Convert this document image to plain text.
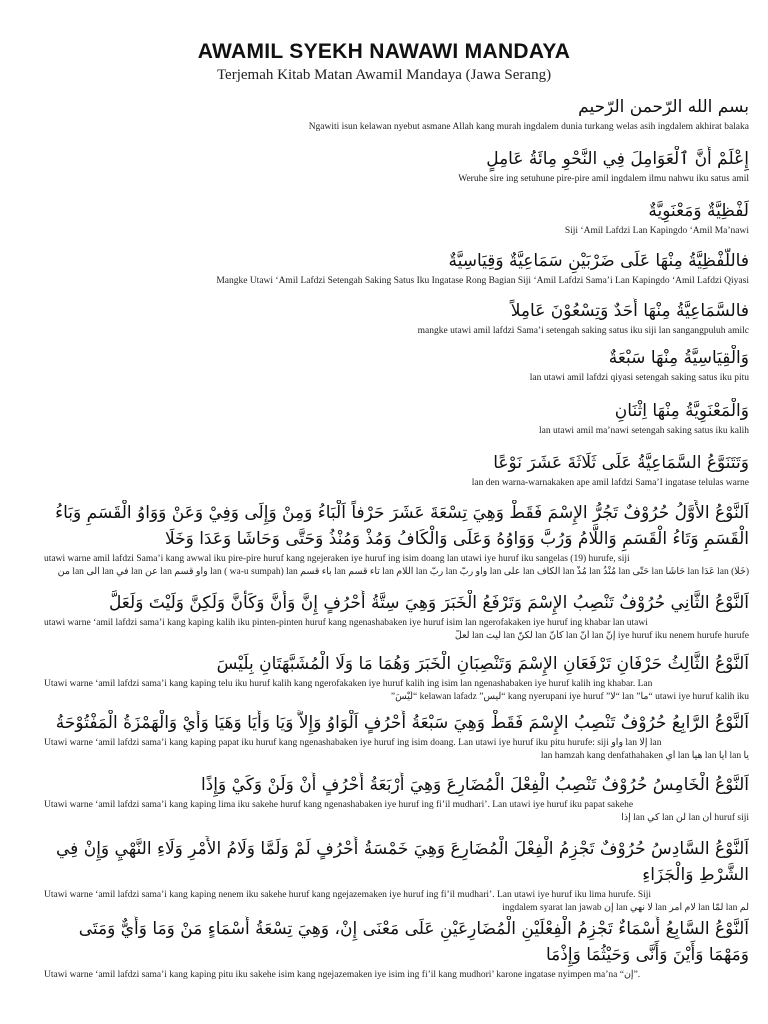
AWAMIL SYEKH NAWAWI MANDAYA
Terjemah Kitab Matan Awamil Mandaya (Jawa Serang)
بسم الله الرّحمن الرّحيم
Ngawiti isun kelawan nyebut asmane Allah kang murah ingdalem dunia turkang welas asih ingdalem akhirat balaka
إِعْلَمْ أَنَّ ٱلْعَوَامِلَ فِي النَّحْوِ مِائَةُ عَامِلٍ
Weruhe sire ing setuhune pire-pire amil ingdalem ilmu nahwu iku satus amil
لَفْظِيَّةٌ وَمَعْنَوِيَّةٌ
Siji ‘Amil Lafdzi Lan Kapingdo ‘Amil Ma’nawi
فاللَّفْظِيَّةُ مِنْهَا عَلَى ضَرْبَيْنِ سَمَاعِيَّةٌ وَقِيَاسِيَّةٌ
Mangke Utawi ‘Amil Lafdzi Setengah Saking Satus Iku Ingatase Rong Bagian Siji ‘Amil Lafdzi Sama’i Lan Kapingdo ‘Amil Lafdzi Qiyasi
فالسَّمَاعِيَّةُ مِنْهَا أَحَدٌ وَتِسْعُوْنَ عَامِلاً
mangke utawi amil lafdzi Sama’i setengah saking satus iku siji lan sangangpuluh amilc
وَالْقِيَاسِيَّةُ مِنْهَا سَبْعَةٌ
lan utawi amil lafdzi qiyasi setengah saking satus iku pitu
وَالْمَعْنَوِيَّةُ مِنْهَا اِثْنَانِ
lan utawi amil ma’nawi setengah saking satus iku kalih
وَتَتَنَوَّعُ السَّمَاعِيَّةُ عَلَى ثَلَاثَةَ عَشَرَ نَوْعًا
lan den warna-warnakaken ape amil lafdzi Sama’I ingatase telulas warne
اَلنَّوْعُ الأَوَّلُ حُرُوْفٌ تَجُرُّ الإِسْمَ فَقَطْ وَهِيَ تِسْعَةَ عَشَرَ حَرْفاً اَلْبَاءُ وَمِنْ وَإِلَى وَفِيْ وَعَنْ وَوَاوُ الْقَسَمِ وَبَاءُ الْقَسَمِ وَتَاءُ الْقَسَمِ وَاللَّامُ وَرُبَّ وَوَاوُهُ وَعَلَى وَالْكَافُ وَمُذْ وَمُنْذُ وَحَتَّى وَحَاشَا وَعَدَا وَخَلَا
utawi warne amil lafdzi Sama’i kang awwal iku pire-pire huruf kang ngejeraken iye huruf ing isim doang lan utawi iye huruf iku sangelas (19) hurufe, siji
(خَلَا) lan عَدَا lan حَاشَا lan حَتَّى lan مُنْذُ lan مُذْ lan الكاف lan على lan واو ربّ lan ربّ lan اللام lan تاء قسم lan باء قسم lan ( wa-u sumpah) lan واو قسم lan عن lan في lan الى lan من
اَلنَّوْعُ الثَّانِي حُرُوْفٌ تَنْصِبُ الإِسْمَ وَتَرْفَعُ الْخَبَرَ وَهِيَ سِتَّةُ أَحْرُفٍ إِنَّ وَأَنَّ وَكَأَنَّ وَلَكِنَّ وَلَيْتَ وَلَعَلَّ
utawi warne ‘amil lafdzi sama’i kang kaping kalih iku pinten-pinten huruf kang ngenashabaken iye huruf isim lan ngerofakaken iye huruf ing khabar lan utawi
iye huruf iku nenem hurufe hurufe إنّ lan أنّ lan كأنّ lan لكنّ lan ليت lan لعلّ
اَلنَّوْعُ الثَّالِثُ حَرْفَانِ تَرْفَعَانِ الإِسْمَ وَتَنْصِبَانِ الْخَبَرَ وَهُمَا مَا وَلَا الْمُشَبَّهَتَانِ بِلَيْسَ
Utawi warne ‘amil lafdzi sama’i kang kaping telu iku huruf kalih kang ngerofakaken iye huruf kalih ing isim lan ngenashabaken iye huruf kalih ing khabar. Lan
utawi iye huruf kalih iku “ما” lan “لا” kang nyerupani iye huruf “ليس” kelawan lafadz “لَيْسَ”
اَلنَّوْعُ الرَّابِعُ حُرُوْفٌ تَنْصِبُ الإِسْمَ فَقَطْ وَهِيَ سَبْعَةُ أَحْرُفٍ اَلْوَاوُ وَإِلاَّ وَيَا وَأَيَا وَهَيَا وَأَيْ وَالْهَمْزَةُ الْمَفْتُوْحَةُ
Utawi warne ‘amil lafdzi sama’i kang kaping papat iku huruf kang ngenashabaken iye huruf ing isim doang. Lan utawi iye huruf iku pitu hurufe: siji واو lan إلّا lan
يا lan أيا lan هيا lan أي lan hamzah kang denfathahaken
اَلنَّوْعُ الْخَامِسُ حُرُوْفٌ تَنْصِبُ الْفِعْلَ الْمُضَارِعَ وَهِيَ أَرْبَعَةُ أَحْرُفٍ أَنْ وَلَنْ وَكَيْ وَإِذًا
Utawi warne ‘amil lafdzi sama’i kang kaping lima iku sakehe huruf kang ngenashabaken iye huruf ing fi’il mudhari’. Lan utawi iye huruf iku papat sakehe
huruf siji أن lan لن lan كي lan إذا
اَلنَّوْعُ السَّادِسُ حُرُوْفٌ تَجْزِمُ الْفِعْلَ الْمُضَارِعَ وَهِيَ خَمْسَةُ أَحْرُفٍ لَمْ وَلَمَّا وَلَامُ الأَمْرِ وَلَاءِ النَّهْيِ وَإِنْ فِي الشَّرْطِ وَالْجَزَاءِ
Utawi warne ‘amil lafdzi sama’i kang kaping nenem iku sakehe huruf kang ngejazemaken iye huruf ing fi’il mudhari’. Lan utawi iye huruf iku lima hurufe. Siji
لم lan لمّا lan لام أمر lan لا نهي lan إن ingdalem syarat lan jawab
اَلنَّوْعُ السَّابِعُ أَسْمَاءٌ تَجْزِمُ الْفِعْلَيْنِ الْمُضَارِعَيْنِ عَلَى مَعْنَى إِنْ، وَهِيَ تِسْعَةُ أَسْمَاءٍ مَنْ وَمَا وَأَيٌّ وَمَتَى وَمَهْمَا وَأَيْنَ وَأَنَّى وَحَيْثُمَا وَإِذْمَا
Utawi warne ‘amil lafdzi sama’i kang kaping pitu iku sakehe isim kang ngejazemaken iye isim ing fi’il kang mudhori’ karone ingatase nyimpen ma’na “إن”.
